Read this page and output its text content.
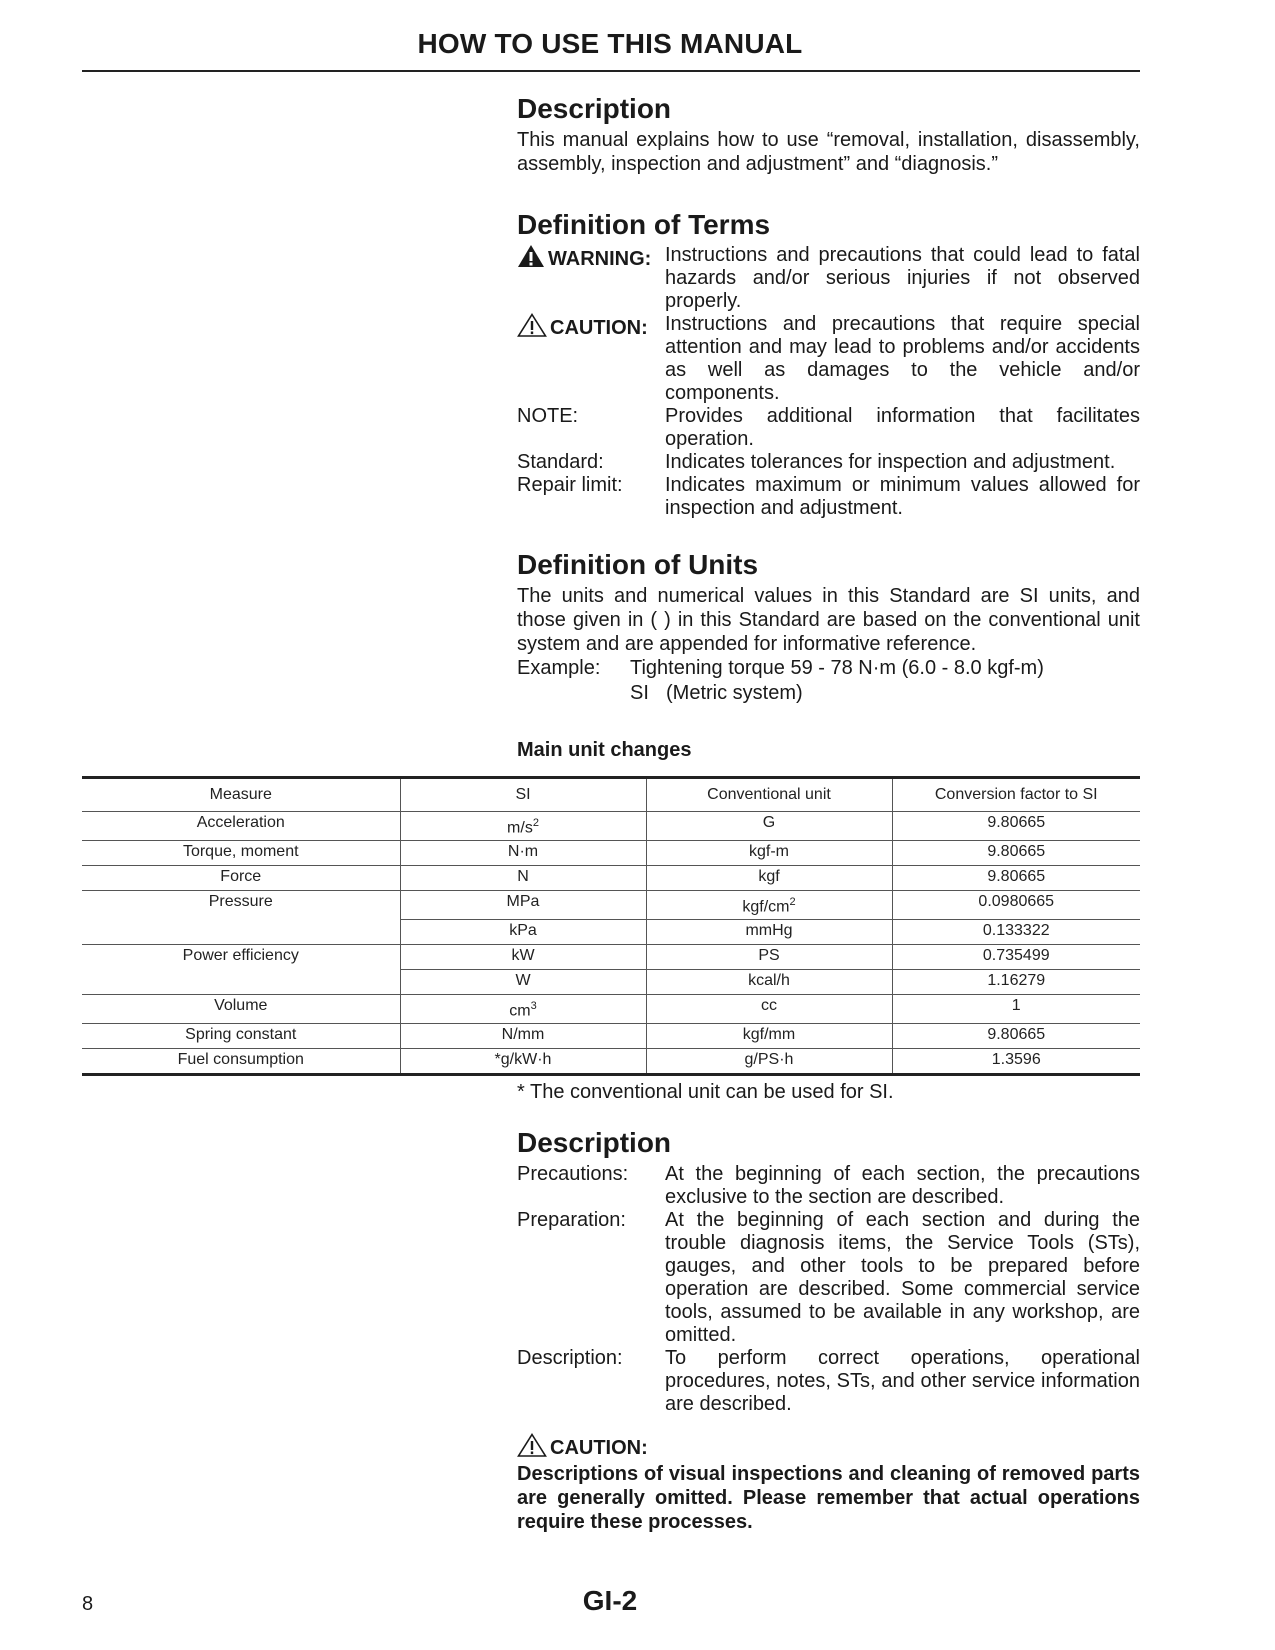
HOW TO USE THIS MANUAL
Description

This manual explains how to use “removal, installation, disassembly, assembly, inspection and adjustment” and “diagnosis.”

Definition of Terms
WARNING: Instructions and precautions that could lead to fatal hazards and/or serious injuries if not observed properly.
CAUTION: Instructions and precautions that require special attention and may lead to problems and/or accidents as well as damages to the vehicle and/or components.
NOTE:	Provides additional information that facilitates operation.
Standard:	Indicates tolerances for inspection and adjustment.
Repair limit:	Indicates maximum or minimum values allowed for inspection and adjustment.
Definition of Units

The units and numerical values in this Standard are SI units, and those given in ( ) in this Standard are based on the conventional unit system and are appended for informative reference.

Example:	Tightening torque 59 - 78 N·m (6.0 - 8.0 kgf-m)
SI (Metric system)
Main unit changes
Measure	SI	Conventional unit	Conversion factor to SI
Acceleration	$m/s^2$	G	9.80665
Torque, moment	N·m	kgf-m	9.80665
Force	N	kgf	9.80665
Pressure	MPa	kgf/$cm^2$	0.0980665
	kPa	mmHg	0.133322
Power efficiency	kW	PS	0.735499
	W	kcal/h	1.16279
Volume	$cm^3$	cc	1
Spring constant	N/mm	kgf/mm	9.80665
Fuel consumption	*g/kW·h	g/PS·h	1.3596
* The conventional unit can be used for SI.
Description
Precautions:	At the beginning of each section, the precautions exclusive to the section are described.
Preparation:	At the beginning of each section and during the trouble diagnosis items, the Service Tools (STs), gauges, and other tools to be prepared before operation are described. Some commercial service tools, assumed to be available in any workshop, are omitted.
Description:	To perform correct operations, operational procedures, notes, STs, and other service information are described.
CAUTION:

Descriptions of visual inspections and cleaning of removed parts are generally omitted. Please remember that actual operations require these processes.

8	GI-2
